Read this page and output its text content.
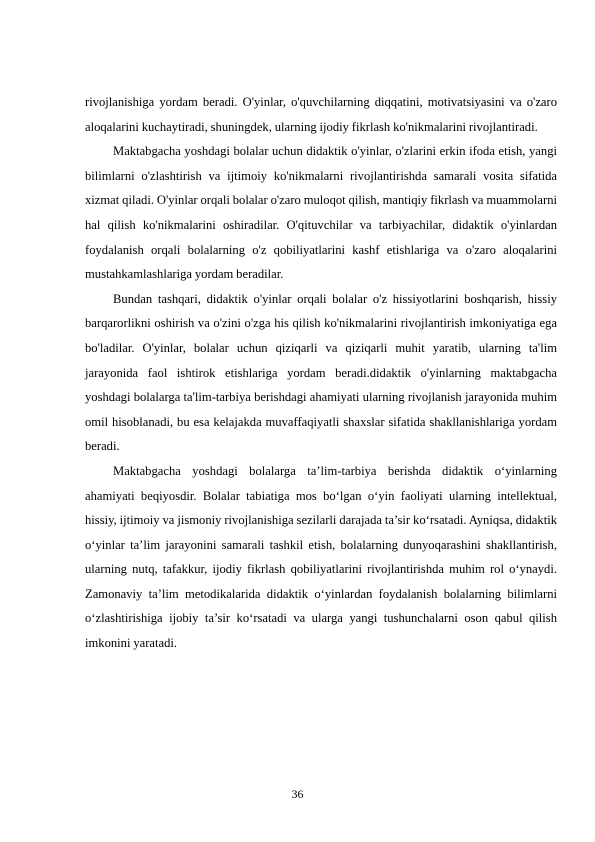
rivojlanishiga yordam beradi. O'yinlar, o'quvchilarning diqqatini, motivatsiyasini va o'zaro aloqalarini kuchaytiradi, shuningdek, ularning ijodiy fikrlash ko'nikmalarini rivojlantiradi.

Maktabgacha yoshdagi bolalar uchun didaktik o'yinlar, o'zlarini erkin ifoda etish, yangi bilimlarni o'zlashtirish va ijtimoiy ko'nikmalarni rivojlantirishda samarali vosita sifatida xizmat qiladi. O'yinlar orqali bolalar o'zaro muloqot qilish, mantiqiy fikrlash va muammolarni hal qilish ko'nikmalarini oshiradilar. O'qituvchilar va tarbiyachilar, didaktik o'yinlardan foydalanish orqali bolalarning o'z qobiliyatlarini kashf etishlariga va o'zaro aloqalarini mustahkamlashlariga yordam beradilar.

Bundan tashqari, didaktik o'yinlar orqali bolalar o'z hissiyotlarini boshqarish, hissiy barqarorlikni oshirish va o'zini o'zga his qilish ko'nikmalarini rivojlantirish imkoniyatiga ega bo'ladilar. O'yinlar, bolalar uchun qiziqarli va qiziqarli muhit yaratib, ularning ta'lim jarayonida faol ishtirok etishlariga yordam beradi.didaktik o'yinlarning maktabgacha yoshdagi bolalarga ta'lim-tarbiya berishdagi ahamiyati ularning rivojlanish jarayonida muhim omil hisoblanadi, bu esa kelajakda muvaffaqiyatli shaxslar sifatida shakllanishlariga yordam beradi.

Maktabgacha yoshdagi bolalarga ta’lim-tarbiya berishda didaktik o‘yinlarning ahamiyati beqiyosdir. Bolalar tabiatiga mos bo‘lgan o‘yin faoliyati ularning intellektual, hissiy, ijtimoiy va jismoniy rivojlanishiga sezilarli darajada ta’sir ko‘rsatadi. Ayniqsa, didaktik o‘yinlar ta’lim jarayonini samarali tashkil etish, bolalarning dunyoqarashini shakllantirish, ularning nutq, tafakkur, ijodiy fikrlash qobiliyatlarini rivojlantirishda muhim rol o‘ynaydi. Zamonaviy ta’lim metodikalarida didaktik o‘yinlardan foydalanish bolalarning bilimlarni o‘zlashtirishiga ijobiy ta’sir ko‘rsatadi va ularga yangi tushunchalarni oson qabul qilish imkonini yaratadi.

36
